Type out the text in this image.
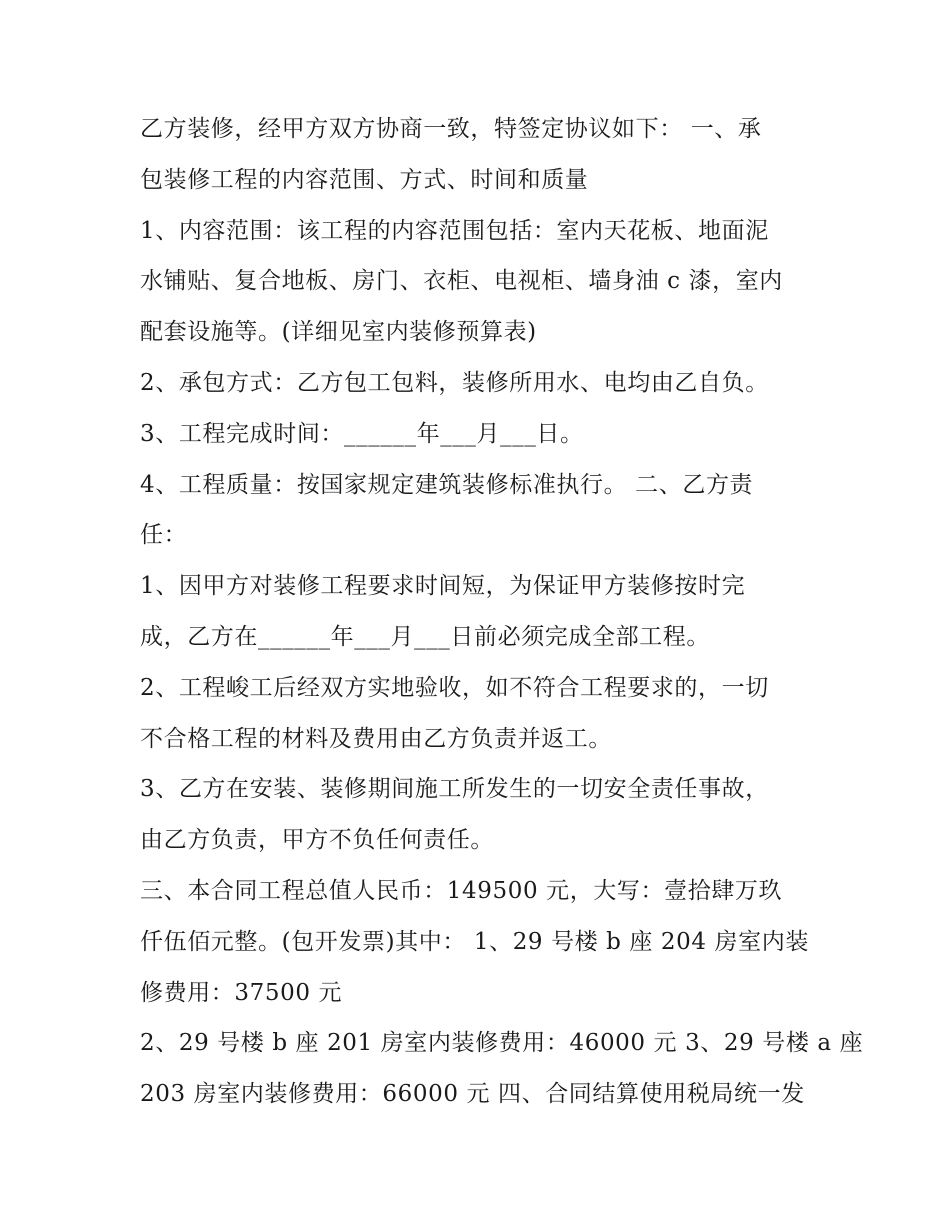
乙方装修，经甲方双方协商一致，特签定协议如下： 一、承
包装修工程的内容范围、方式、时间和质量
1、内容范围：该工程的内容范围包括：室内天花板、地面泥
水铺贴、复合地板、房门、衣柜、电视柜、墙身油 c 漆，室内
配套设施等。(详细见室内装修预算表)
2、承包方式：乙方包工包料，装修所用水、电均由乙自负。
3、工程完成时间：______年___月___日。
4、工程质量：按国家规定建筑装修标准执行。 二、乙方责
任：
1、因甲方对装修工程要求时间短，为保证甲方装修按时完
成，乙方在______年___月___日前必须完成全部工程。
2、工程峻工后经双方实地验收，如不符合工程要求的，一切
不合格工程的材料及费用由乙方负责并返工。
3、乙方在安装、装修期间施工所发生的一切安全责任事故，
由乙方负责，甲方不负任何责任。
三、本合同工程总值人民币：149500 元，大写：壹拾肆万玖
仟伍佰元整。(包开发票)其中： 1、29 号楼 b 座 204 房室内装
修费用：37500 元
2、29 号楼 b 座 201 房室内装修费用：46000 元 3、29 号楼 a 座
203 房室内装修费用：66000 元 四、合同结算使用税局统一发
